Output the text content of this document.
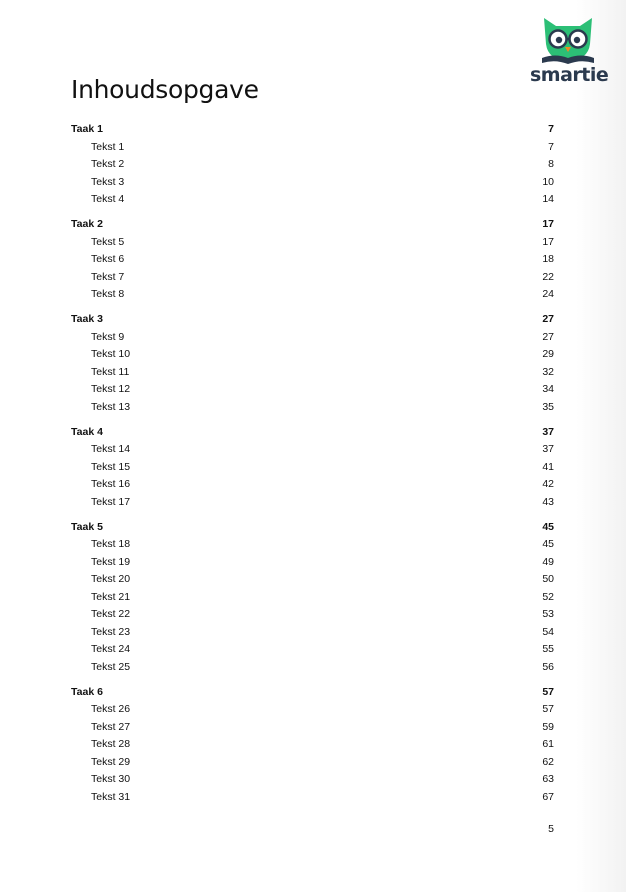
smartie
Inhoudsopgave
Taak 1	7
Tekst 1	7
Tekst 2	8
Tekst 3	10
Tekst 4	14
Taak 2	17
Tekst 5	17
Tekst 6	18
Tekst 7	22
Tekst 8	24
Taak 3	27
Tekst 9	27
Tekst 10	29
Tekst 11	32
Tekst 12	34
Tekst 13	35
Taak 4	37
Tekst 14	37
Tekst 15	41
Tekst 16	42
Tekst 17	43
Taak 5	45
Tekst 18	45
Tekst 19	49
Tekst 20	50
Tekst 21	52
Tekst 22	53
Tekst 23	54
Tekst 24	55
Tekst 25	56
Taak 6	57
Tekst 26	57
Tekst 27	59
Tekst 28	61
Tekst 29	62
Tekst 30	63
Tekst 31	67
5
